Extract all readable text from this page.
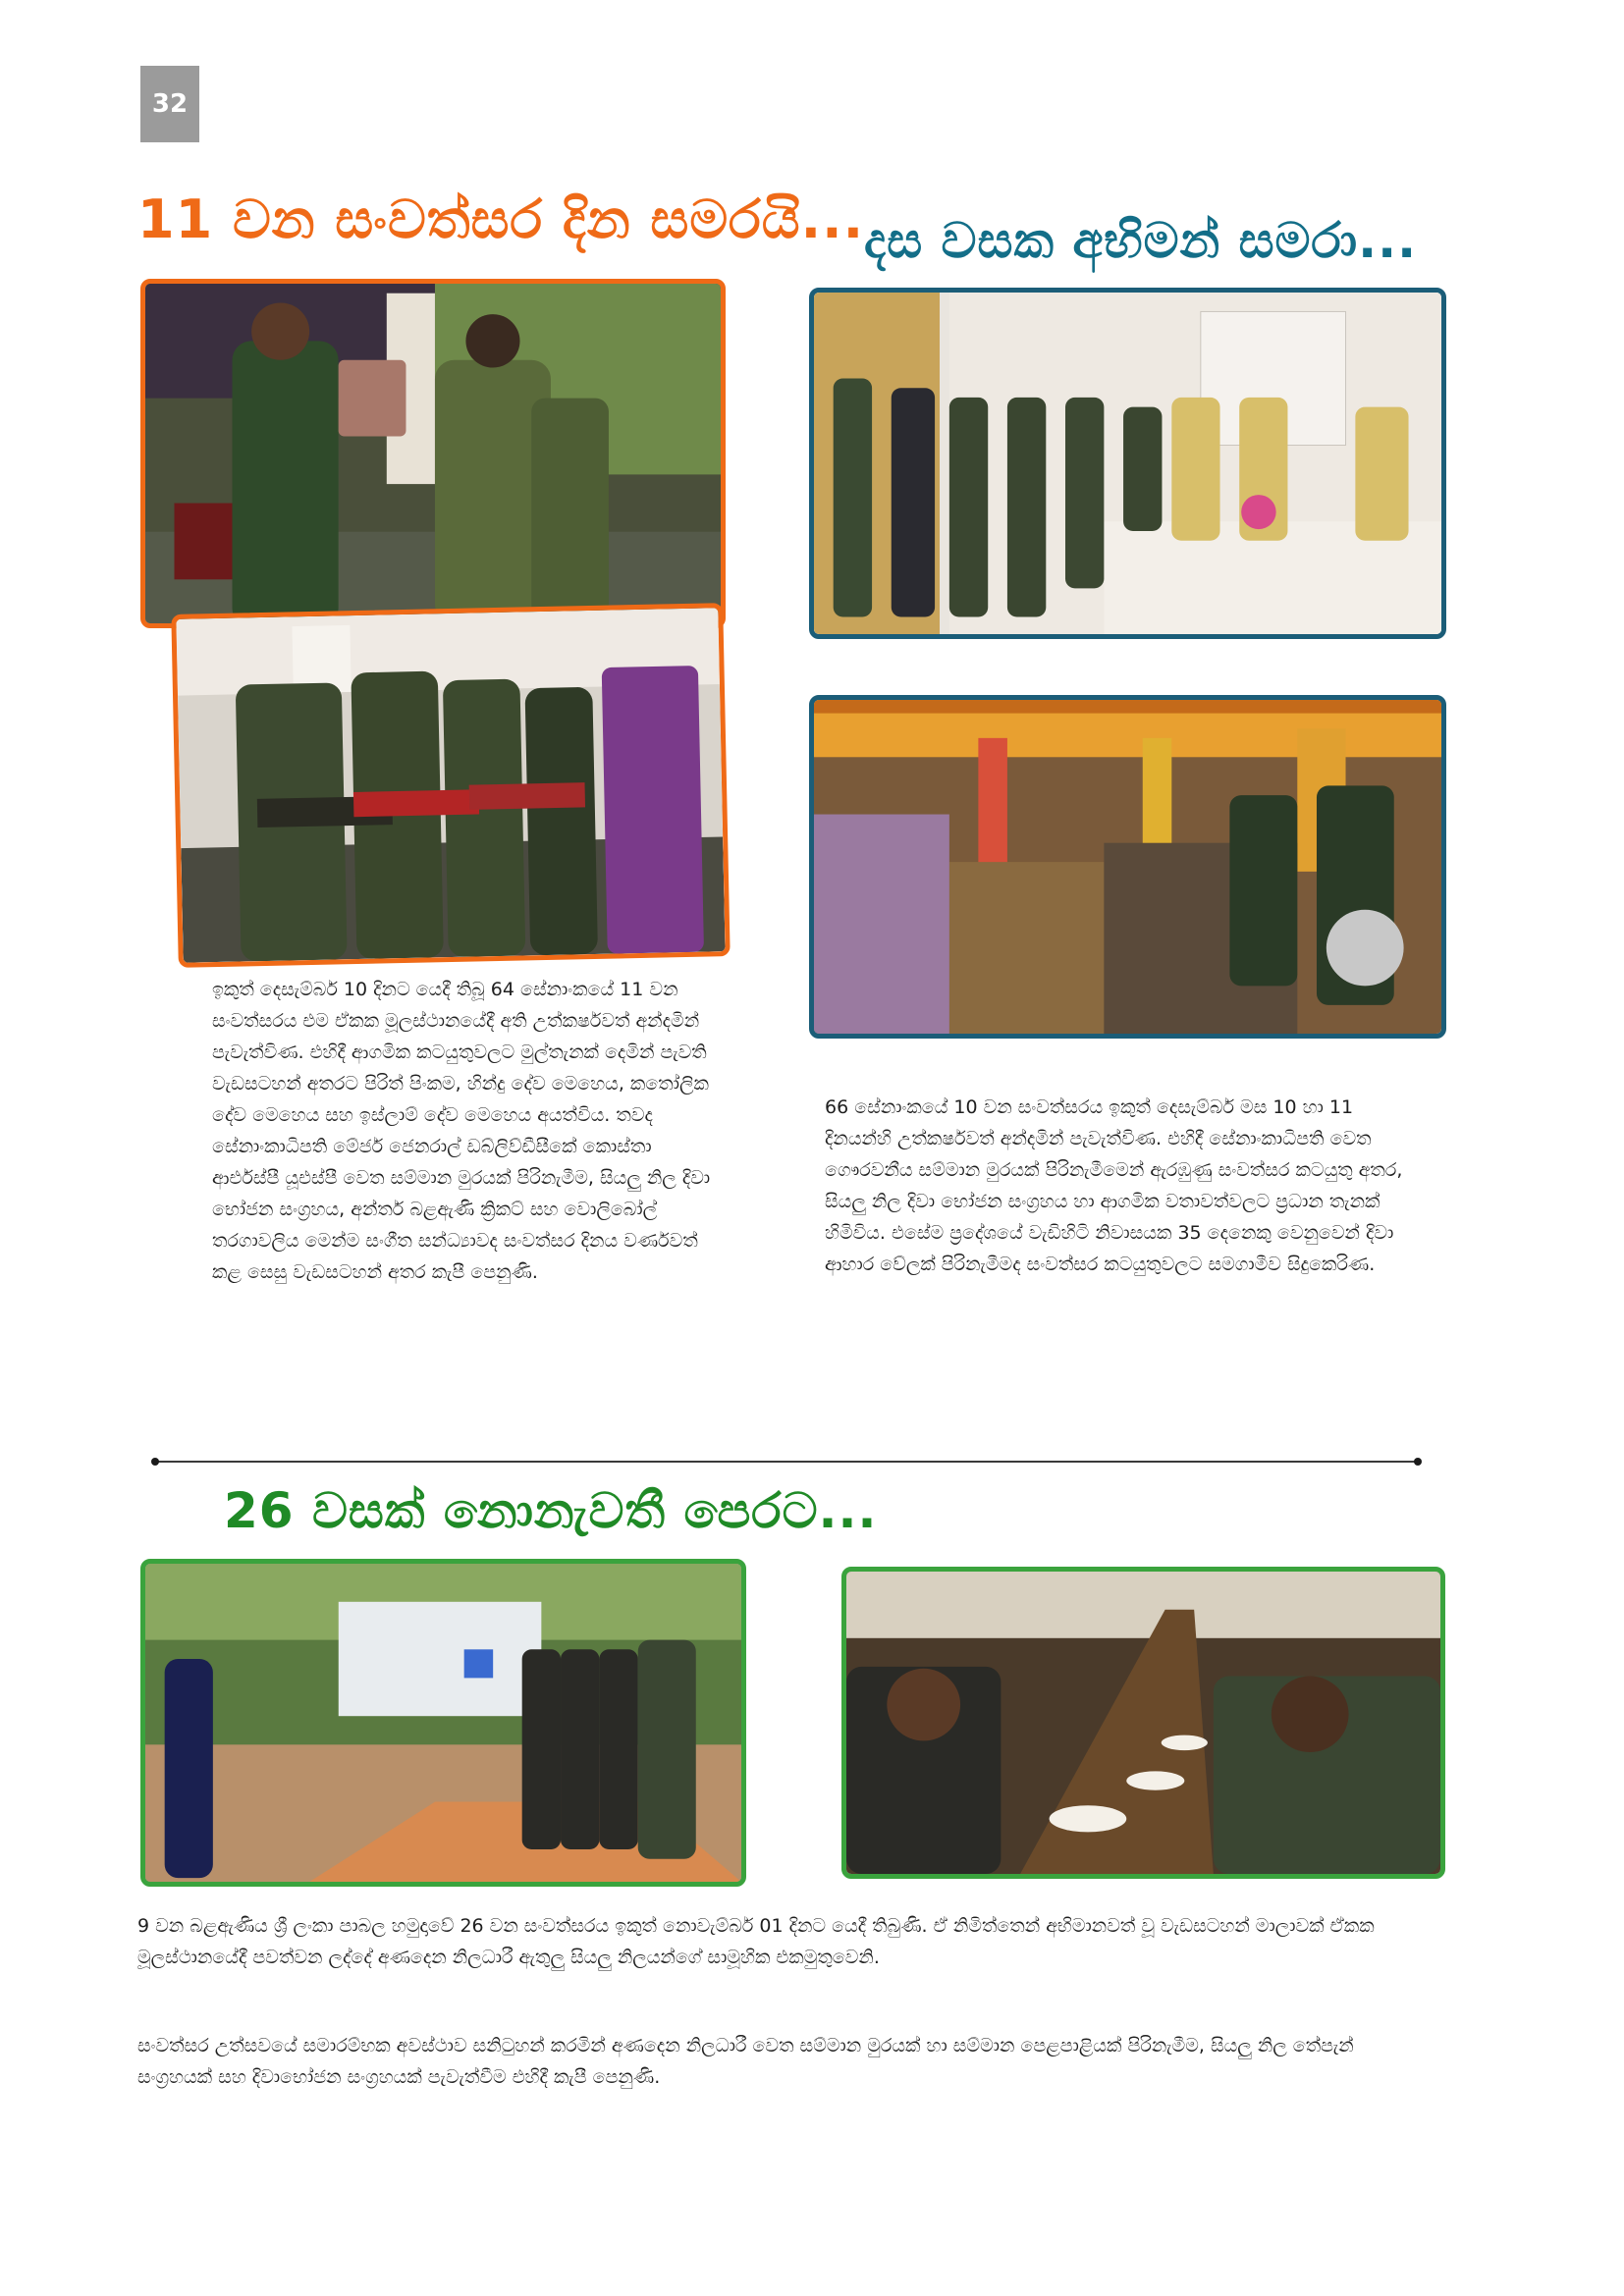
32
11 වන සංවත්සර දින සමරයි... දස වසක අභිමන් සමරා...

ඉකුත් දෙසැම්බර් 10 දිනට යෙදී තිබූ 64 සේනාංකයේ 11 වන සංවත්සරය එම ඒකක මූලස්ථානයේදී අති උත්කර්ෂවත් අන්දමින් පැවැත්විණ. එහිදී ආගමික කටයුතුවලට මුල්තැනක් දෙමින් පැවති වැඩසටහන් අතරට පිරිත් පිංකම, හින්දු දේව මෙහෙය, කතෝලික දේව මෙහෙය සහ ඉස්ලාම් දේව මෙහෙය අයත්විය. තවද සේනාංකාධිපති මේජර් ජෙනරාල් ඩබ්ලිව්ඩීසීකේ කොස්තා ආර්එස්පී යූඑස්පී වෙත සම්මාන මුරයක් පිරිනැමීම, සියලු නිල දිවා භෝජන සංග්‍රහය, අන්තර් බළඇණි ක්‍රිකට් සහ වොලිබෝල් තරගාවලිය මෙන්ම සංගීත සන්ධ්‍යාවද සංවත්සර දිනය වර්ණවත් කළ සෙසු වැඩසටහන් අතර කැපී පෙනුණි.

66 සේනාංකයේ 10 වන සංවත්සරය ඉකුත් දෙසැම්බර් මස 10 හා 11 දිනයන්හි උත්කර්ෂවත් අන්දමින් පැවැත්විණ. එහිදී සේනාංකාධිපති වෙත ගෞරවනීය සම්මාන මුරයක් පිරිනැමීමෙන් ඇරඹුණු සංවත්සර කටයුතු අතර, සියලු නිල දිවා භෝජන සංග්‍රහය හා ආගමික වතාවත්වලට ප්‍රධාන තැනක් හිමිවිය. එසේම ප්‍රදේශයේ වැඩිහිටි නිවාසයක 35 දෙනෙකු වෙනුවෙන් දිවා ආහාර වේලක් පිරිනැමීමද සංවත්සර කටයුතුවලට සමගාමීව සිදුකෙරිණ.

26 වසක් නොනැවතී පෙරට...

9 වන බළඇණිය ශ්‍රී ලංකා පාබල හමුදාවේ 26 වන සංවත්සරය ඉකුත් නොවැම්බර් 01 දිනට යෙදී තිබුණි. ඒ නිමිත්තෙන් අභිමානවත් වූ වැඩසටහන් මාලාවක් ඒකක මූලස්ථානයේදී පවත්වන ලද්දේ අණදෙන නිලධාරී ඇතුලු සියලු නිලයන්ගේ සාමූහික එකමුතුවෙනි.

සංවත්සර උත්සවයේ සමාරම්භක අවස්ථාව සනිටුහන් කරමින් අණදෙන නිලධාරී වෙත සම්මාන මුරයක් හා සම්මාන පෙළපාළියක් පිරිනැමීම, සියලු නිල තේපැන් සංග්‍රහයක් සහ දිවාභෝජන සංග්‍රහයක් පැවැත්වීම එහිදී කැපී පෙනුණි.
